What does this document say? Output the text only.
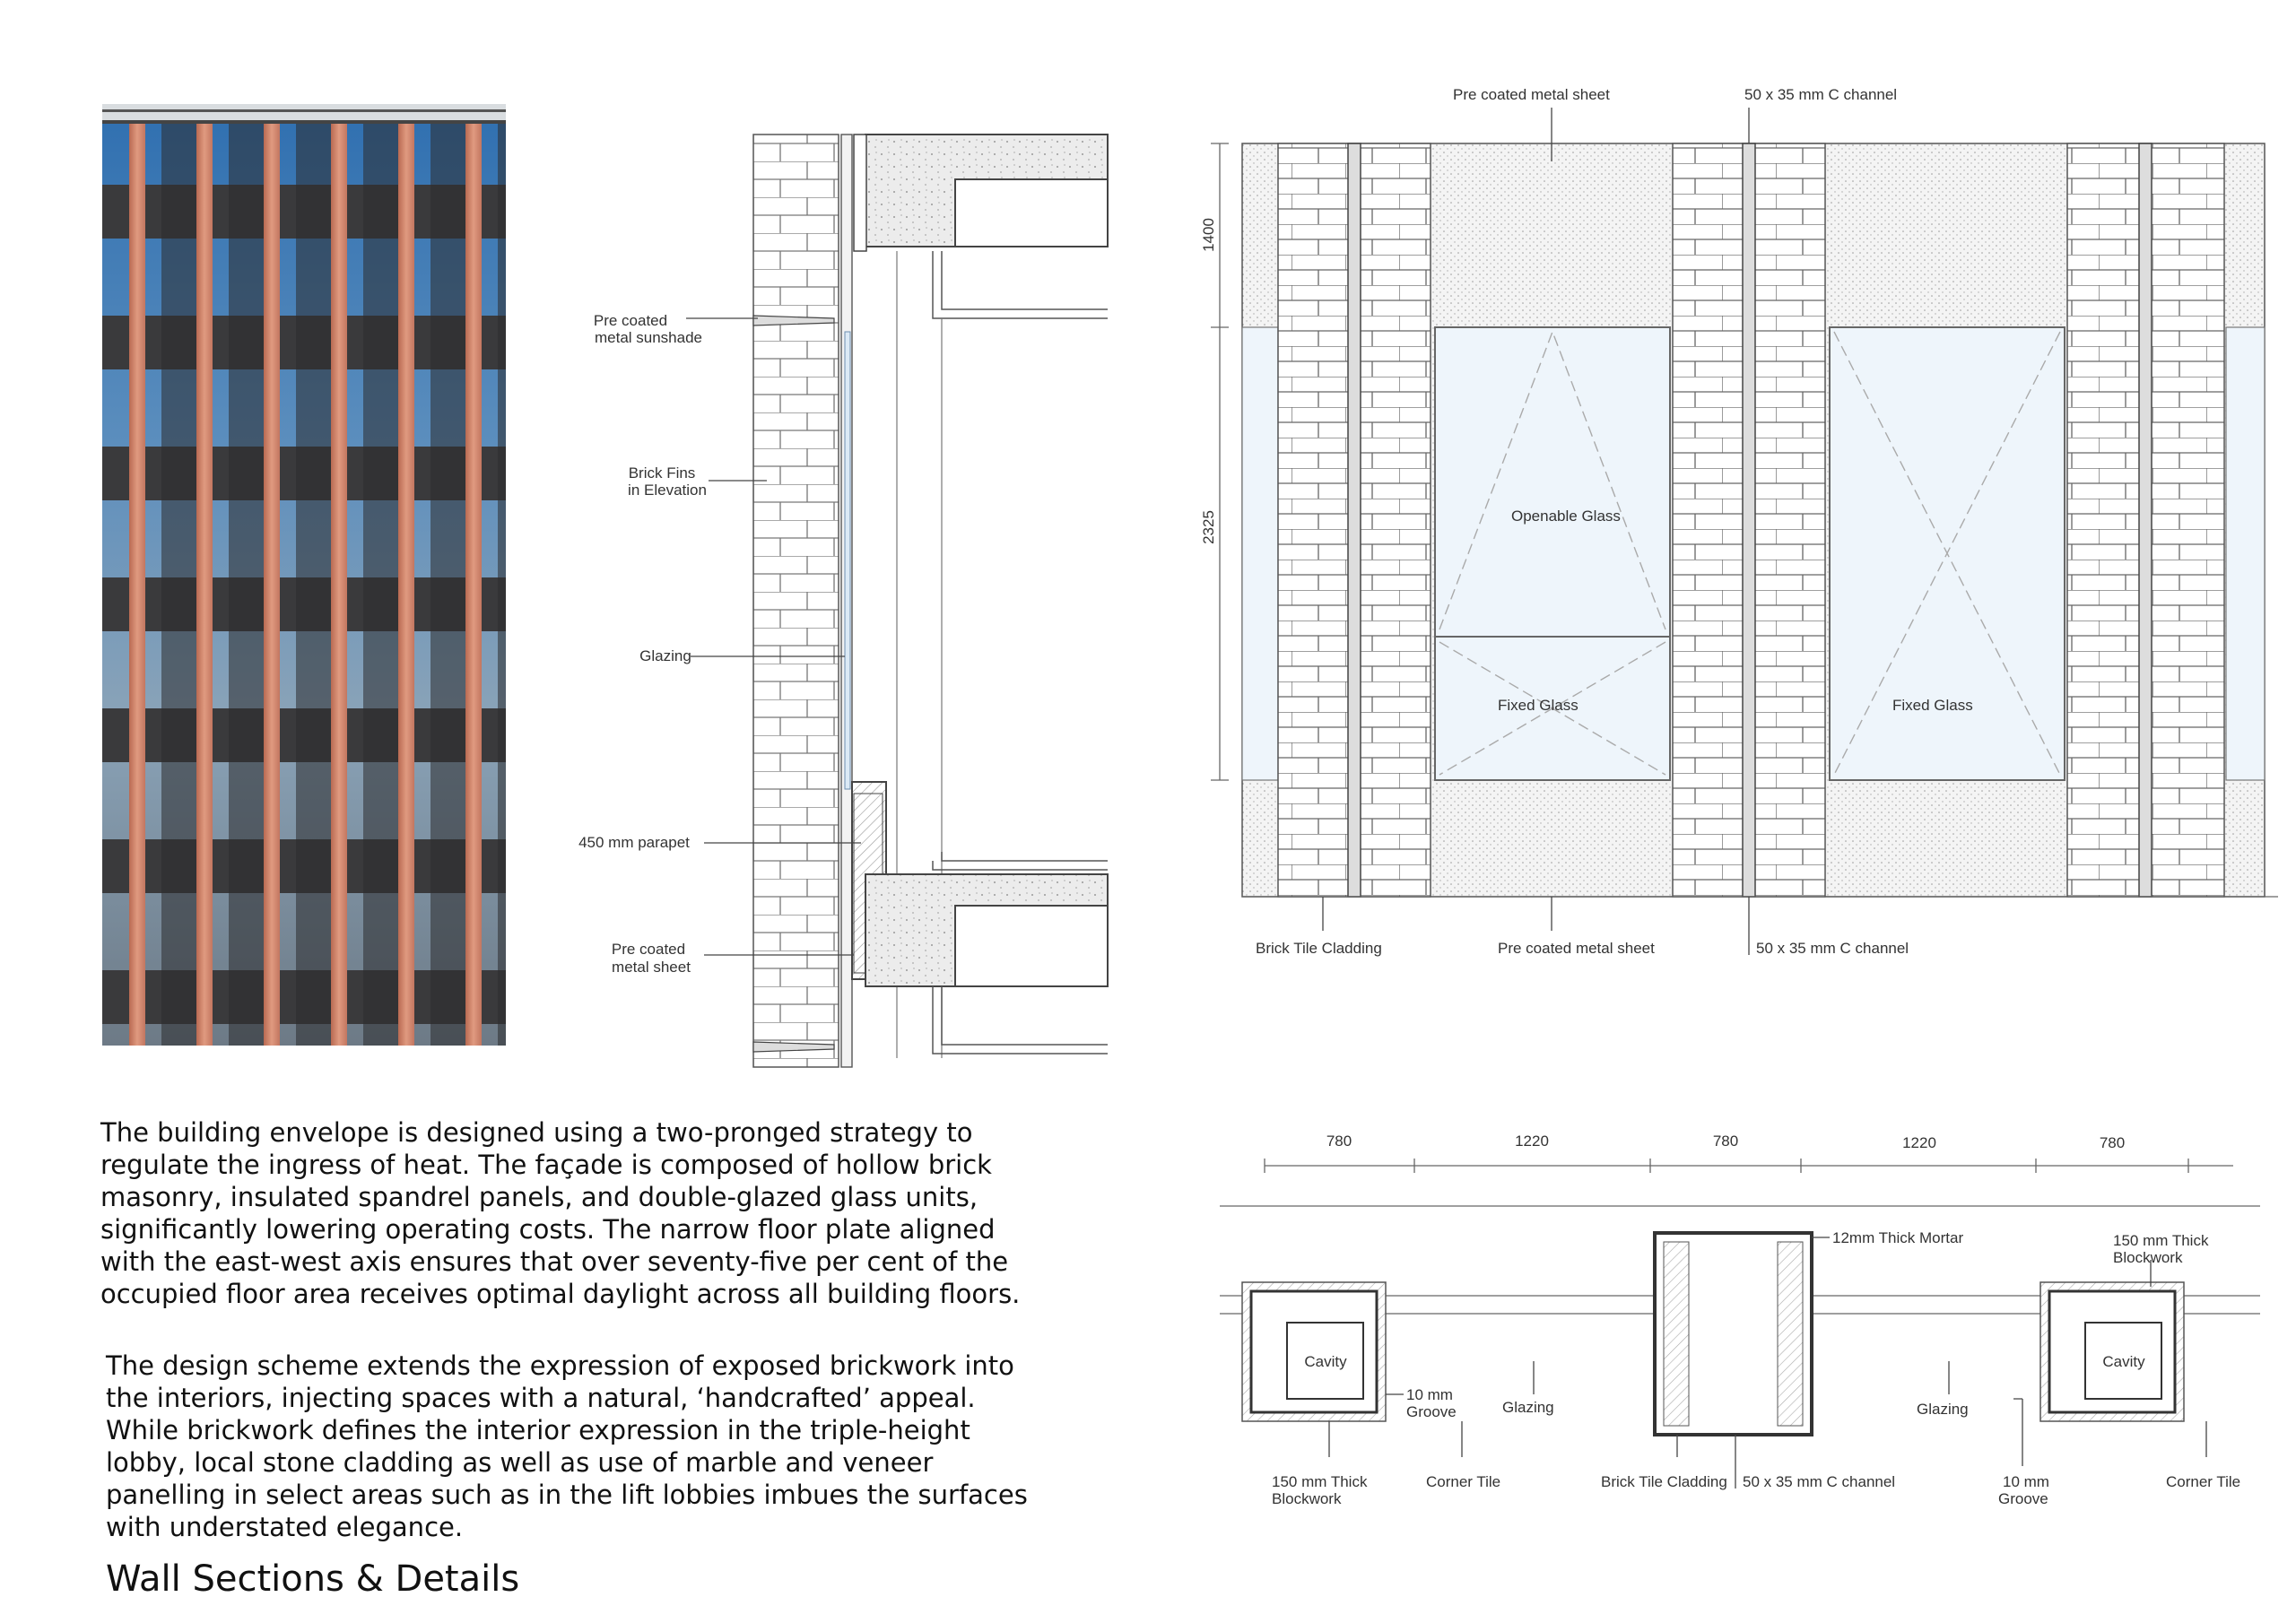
Pre coated
metal sunshade
Brick Fins
in Elevation
Glazing
450 mm parapet
Pre coated
metal sheet
Pre coated metal sheet	50 x 35 mm C channel
Brick Tile Cladding	Pre coated metal sheet	50 x 35 mm C channel
Openable Glass
Fixed Glass	Fixed Glass
1400
2325
780	1220	780	1220	780
Cavity	Cavity
12mm Thick Mortar	150 mm Thick
Blockwork
10 mm
Groove	Glazing	Glazing
150 mm Thick
Blockwork
Corner Tile	Brick Tile Cladding 50 x 35 mm C channel	10 mm
Groove
Corner Tile

The building envelope is designed using a two-pronged strategy to regulate the ingress of heat. The façade is composed of hollow brick masonry, insulated spandrel panels, and double-glazed glass units, significantly lowering operating costs. The narrow floor plate aligned with the east-west axis ensures that over seventy-five per cent of the occupied floor area receives optimal daylight across all building floors.

The design scheme extends the expression of exposed brickwork into the interiors, injecting spaces with a natural, ‘handcrafted’ appeal. While brickwork defines the interior expression in the triple-height lobby, local stone cladding as well as use of marble and veneer panelling in select areas such as in the lift lobbies imbues the surfaces with understated elegance.

Wall Sections & Details
